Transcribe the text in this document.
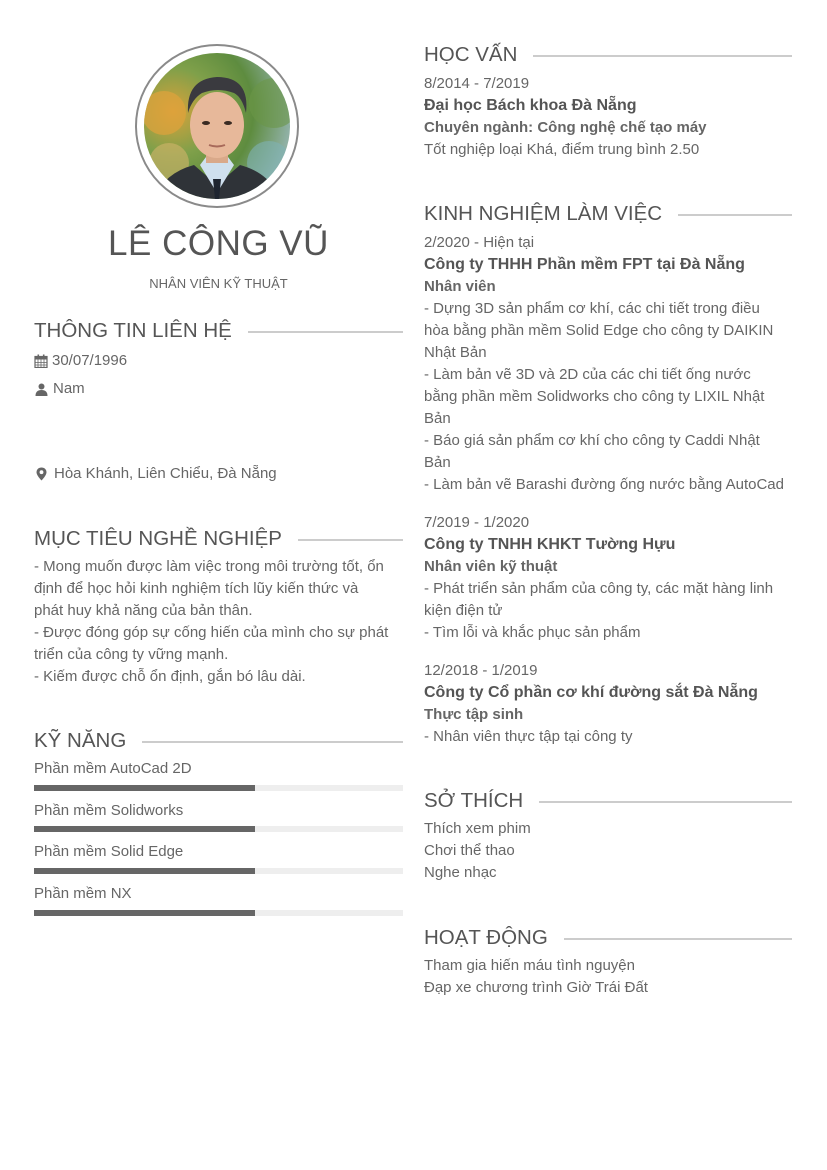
LÊ CÔNG VŨ
NHÂN VIÊN KỸ THUẬT
THÔNG TIN LIÊN HỆ
30/07/1996
Nam
Hòa Khánh, Liên Chiểu, Đà Nẵng
MỤC TIÊU NGHỀ NGHIỆP
- Mong muốn được làm việc trong môi trường tốt, ổn
định để học hỏi kinh nghiệm tích lũy kiến thức và
phát huy khả năng của bản thân.
- Được đóng góp sự cống hiến của mình cho sự phát
triển của công ty vững mạnh.
- Kiếm được chỗ ổn định, gắn bó lâu dài.
KỸ NĂNG
Phần mềm AutoCad 2D
Phần mềm Solidworks
Phần mềm Solid Edge
Phần mềm NX
HỌC VẤN
8/2014 - 7/2019
Đại học Bách khoa Đà Nẵng
Chuyên ngành: Công nghệ chế tạo máy
Tốt nghiệp loại Khá, điểm trung bình 2.50
KINH NGHIỆM LÀM VIỆC
2/2020 - Hiện tại
Công ty THHH Phần mềm FPT tại Đà Nẵng
Nhân viên
- Dựng 3D sản phẩm cơ khí, các chi tiết trong điều
hòa bằng phần mềm Solid Edge cho công ty DAIKIN
Nhật Bản
- Làm bản vẽ 3D và 2D của các chi tiết ống nước
bằng phần mềm Solidworks cho công ty LIXIL Nhật
Bản
- Báo giá sản phẩm cơ khí cho công ty Caddi Nhật
Bản
- Làm bản vẽ Barashi đường ống nước bằng AutoCad
7/2019 - 1/2020
Công ty TNHH KHKT Tường Hựu
Nhân viên kỹ thuật
- Phát triển sản phẩm của công ty, các mặt hàng linh
kiện điện tử
- Tìm lỗi và khắc phục sản phẩm
12/2018 - 1/2019
Công ty Cổ phần cơ khí đường sắt Đà Nẵng
Thực tập sinh
- Nhân viên thực tập tại công ty
SỞ THÍCH
Thích xem phim
Chơi thể thao
Nghe nhạc
HOẠT ĐỘNG
Tham gia hiến máu tình nguyện
Đạp xe chương trình Giờ Trái Đất
